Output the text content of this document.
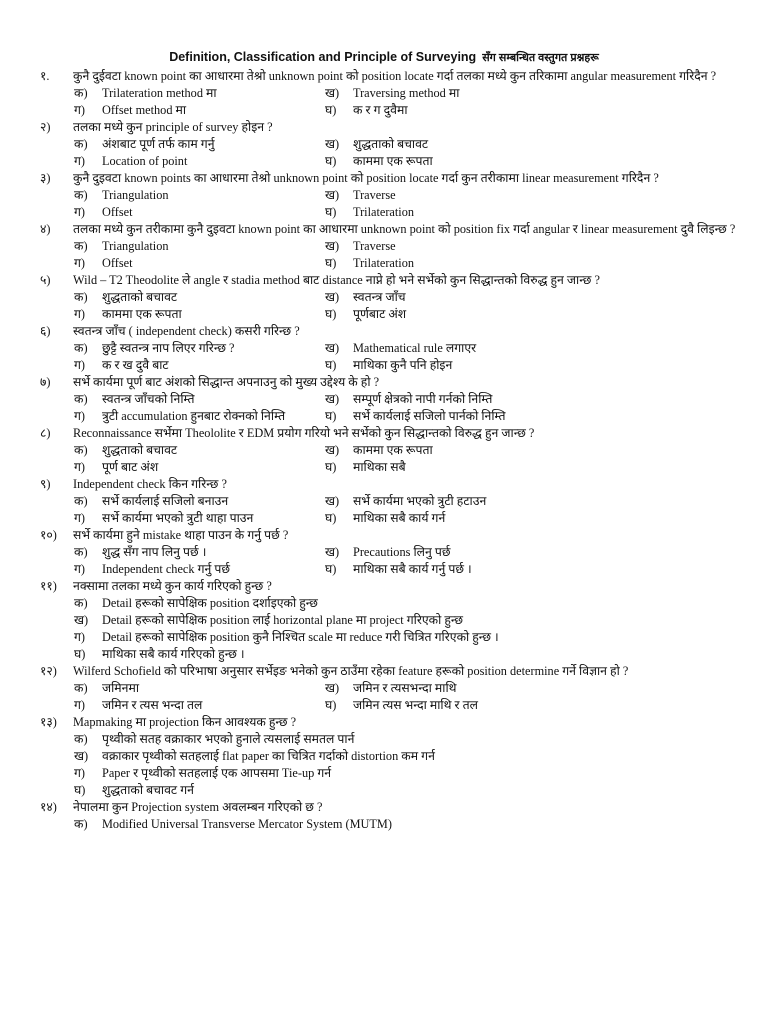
Definition, Classification and Principle of Surveying सँग सम्बन्धित वस्तुगत प्रश्नहरू
१. कुनै दुईवटा known point का आधारमा तेश्रो unknown point को position locate गर्दा तलका मध्ये कुन तरिकामा angular measurement गरिदैन ?
क) Trilateration method मा	ख) Traversing method मा
ग) Offset method मा	घ) क र ग दुवैमा
२) तलका मध्ये कुन principle of survey होइन ?
क) अंशबाट पूर्ण तर्फ काम गर्नु	ख) शुद्धताको बचावट
ग) Location of point	घ) काममा एक रूपता
३) कुनै दुइवटा known points का आधारमा तेश्रो unknown point को position locate गर्दा कुन तरीकामा linear measurement गरिदैन ?
क) Triangulation	ख) Traverse
ग) Offset	घ) Trilateration
४) तलका मध्ये कुन तरीकामा कुनै दुइवटा known point का आधारमा unknown point को position fix गर्दा angular र linear measurement दुवै लिइन्छ ?
क) Triangulation	ख) Traverse
ग) Offset	घ) Trilateration
५) Wild – T2 Theodolite ले angle र stadia method बाट distance नाप्ने हो भने सर्भेको कुन सिद्धान्तको विरुद्ध हुन जान्छ ?
क) शुद्धताको बचावट	ख) स्वतन्त्र जाँच
ग) काममा एक रूपता	घ) पूर्णबाट अंश
६) स्वतन्त्र जाँच ( independent check) कसरी गरिन्छ ?
क) छुट्टै स्वतन्त्र नाप लिएर गरिन्छ ?	ख) Mathematical rule लगाएर
ग) क र ख दुवै बाट	घ) माथिका कुनै पनि होइन
७) सर्भे कार्यमा पूर्ण बाट अंशको सिद्धान्त अपनाउनु को मुख्य उद्देश्य के हो ?
क) स्वतन्त्र जाँचको निम्ति	ख) सम्पूर्ण क्षेत्रको नापी गर्नको निम्ति
ग) त्रुटी accumulation हुनबाट रोक्नको निम्ति	घ) सर्भे कार्यलाई सजिलो पार्नको निम्ति
८) Reconnaissance सर्भेमा Theololite र EDM प्रयोग गरियो भने सर्भेको कुन सिद्धान्तको विरुद्ध हुन जान्छ ?
क) शुद्धताको बचावट	ख) काममा एक रूपता
ग) पूर्ण बाट अंश	घ) माथिका सबै
९) Independent check किन गरिन्छ ?
क) सर्भे कार्यलाई सजिलो बनाउन	ख) सर्भे कार्यमा भएको त्रुटी हटाउन
ग) सर्भे कार्यमा भएको त्रुटी थाहा पाउन	घ) माथिका सबै कार्य गर्न
१०) सर्भे कार्यमा हुने mistake थाहा पाउन के गर्नु पर्छ ?
क) शुद्ध सँग नाप लिनु पर्छ ।	ख) Precautions लिनु पर्छ
ग) Independent check गर्नु पर्छ	घ) माथिका सबै कार्य गर्नु पर्छ ।
११) नक्सामा तलका मध्ये कुन कार्य गरिएको हुन्छ ?
क) Detail हरूको सापेक्षिक position दर्शाइएको हुन्छ
ख) Detail हरूको सापेक्षिक position लाई horizontal plane मा project गरिएको हुन्छ
ग) Detail हरूको सापेक्षिक position कुनै निश्चित scale मा reduce गरी चित्रित गरिएको हुन्छ ।
घ) माथिका सबै कार्य गरिएको हुन्छ ।
१२) Wilferd Schofield को परिभाषा अनुसार सर्भेइङ भनेको कुन ठाउँमा रहेका feature हरूको position determine गर्ने विज्ञान हो ?
क) जमिनमा	ख) जमिन र त्यसभन्दा माथि
ग) जमिन र त्यस भन्दा तल	घ) जमिन त्यस भन्दा माथि र तल
१३) Mapmaking मा projection किन आवश्यक हुन्छ ?
क) पृथ्वीको सतह वक्राकार भएको हुनाले त्यसलाई समतल पार्न
ख) वक्राकार पृथ्वीको सतहलाई flat paper का चित्रित गर्दाको distortion कम गर्न
ग) Paper र पृथ्वीको सतहलाई एक आपसमा Tie-up गर्न
घ) शुद्धताको बचावट गर्न
१४) नेपालमा कुन Projection system अवलम्बन गरिएको छ ?
क) Modified Universal Transverse Mercator System (MUTM)
